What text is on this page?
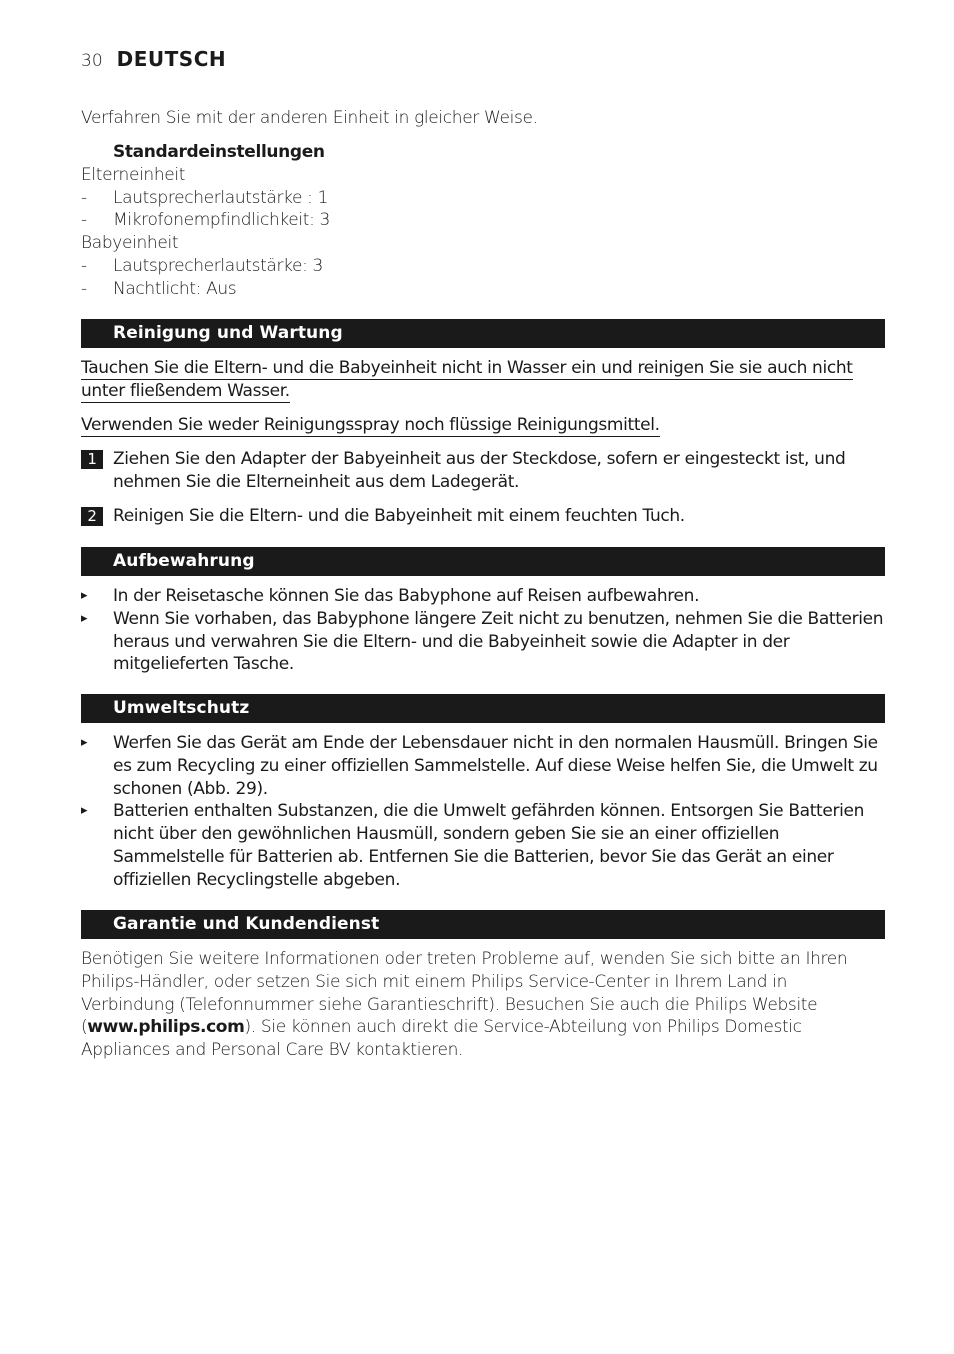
30 DEUTSCH
Verfahren Sie mit der anderen Einheit in gleicher Weise.
Standardeinstellungen
Elterneinheit
-	Lautsprecherlautstärke : 1
-	Mikrofonempfindlichkeit: 3
Babyeinheit
-	Lautsprecherlautstärke: 3
-	Nachtlicht: Aus
Reinigung und Wartung
Tauchen Sie die Eltern- und die Babyeinheit nicht in Wasser ein und reinigen Sie sie auch nicht
unter fließendem Wasser.
Verwenden Sie weder Reinigungsspray noch flüssige Reinigungsmittel.
1 Ziehen Sie den Adapter der Babyeinheit aus der Steckdose, sofern er eingesteckt ist, und nehmen Sie die Elterneinheit aus dem Ladegerät.
2 Reinigen Sie die Eltern- und die Babyeinheit mit einem feuchten Tuch.
Aufbewahrung
▸	In der Reisetasche können Sie das Babyphone auf Reisen aufbewahren.
▸	Wenn Sie vorhaben, das Babyphone längere Zeit nicht zu benutzen, nehmen Sie die Batterien heraus und verwahren Sie die Eltern- und die Babyeinheit sowie die Adapter in der mitgelieferten Tasche.
Umweltschutz
▸	Werfen Sie das Gerät am Ende der Lebensdauer nicht in den normalen Hausmüll. Bringen Sie es zum Recycling zu einer offiziellen Sammelstelle. Auf diese Weise helfen Sie, die Umwelt zu schonen (Abb. 29).
▸	Batterien enthalten Substanzen, die die Umwelt gefährden können. Entsorgen Sie Batterien nicht über den gewöhnlichen Hausmüll, sondern geben Sie sie an einer offiziellen Sammelstelle für Batterien ab. Entfernen Sie die Batterien, bevor Sie das Gerät an einer offiziellen Recyclingstelle abgeben.
Garantie und Kundendienst
Benötigen Sie weitere Informationen oder treten Probleme auf, wenden Sie sich bitte an Ihren Philips-Händler, oder setzen Sie sich mit einem Philips Service-Center in Ihrem Land in Verbindung (Telefonnummer siehe Garantieschrift). Besuchen Sie auch die Philips Website (www.philips.com). Sie können auch direkt die Service-Abteilung von Philips Domestic Appliances and Personal Care BV kontaktieren.
